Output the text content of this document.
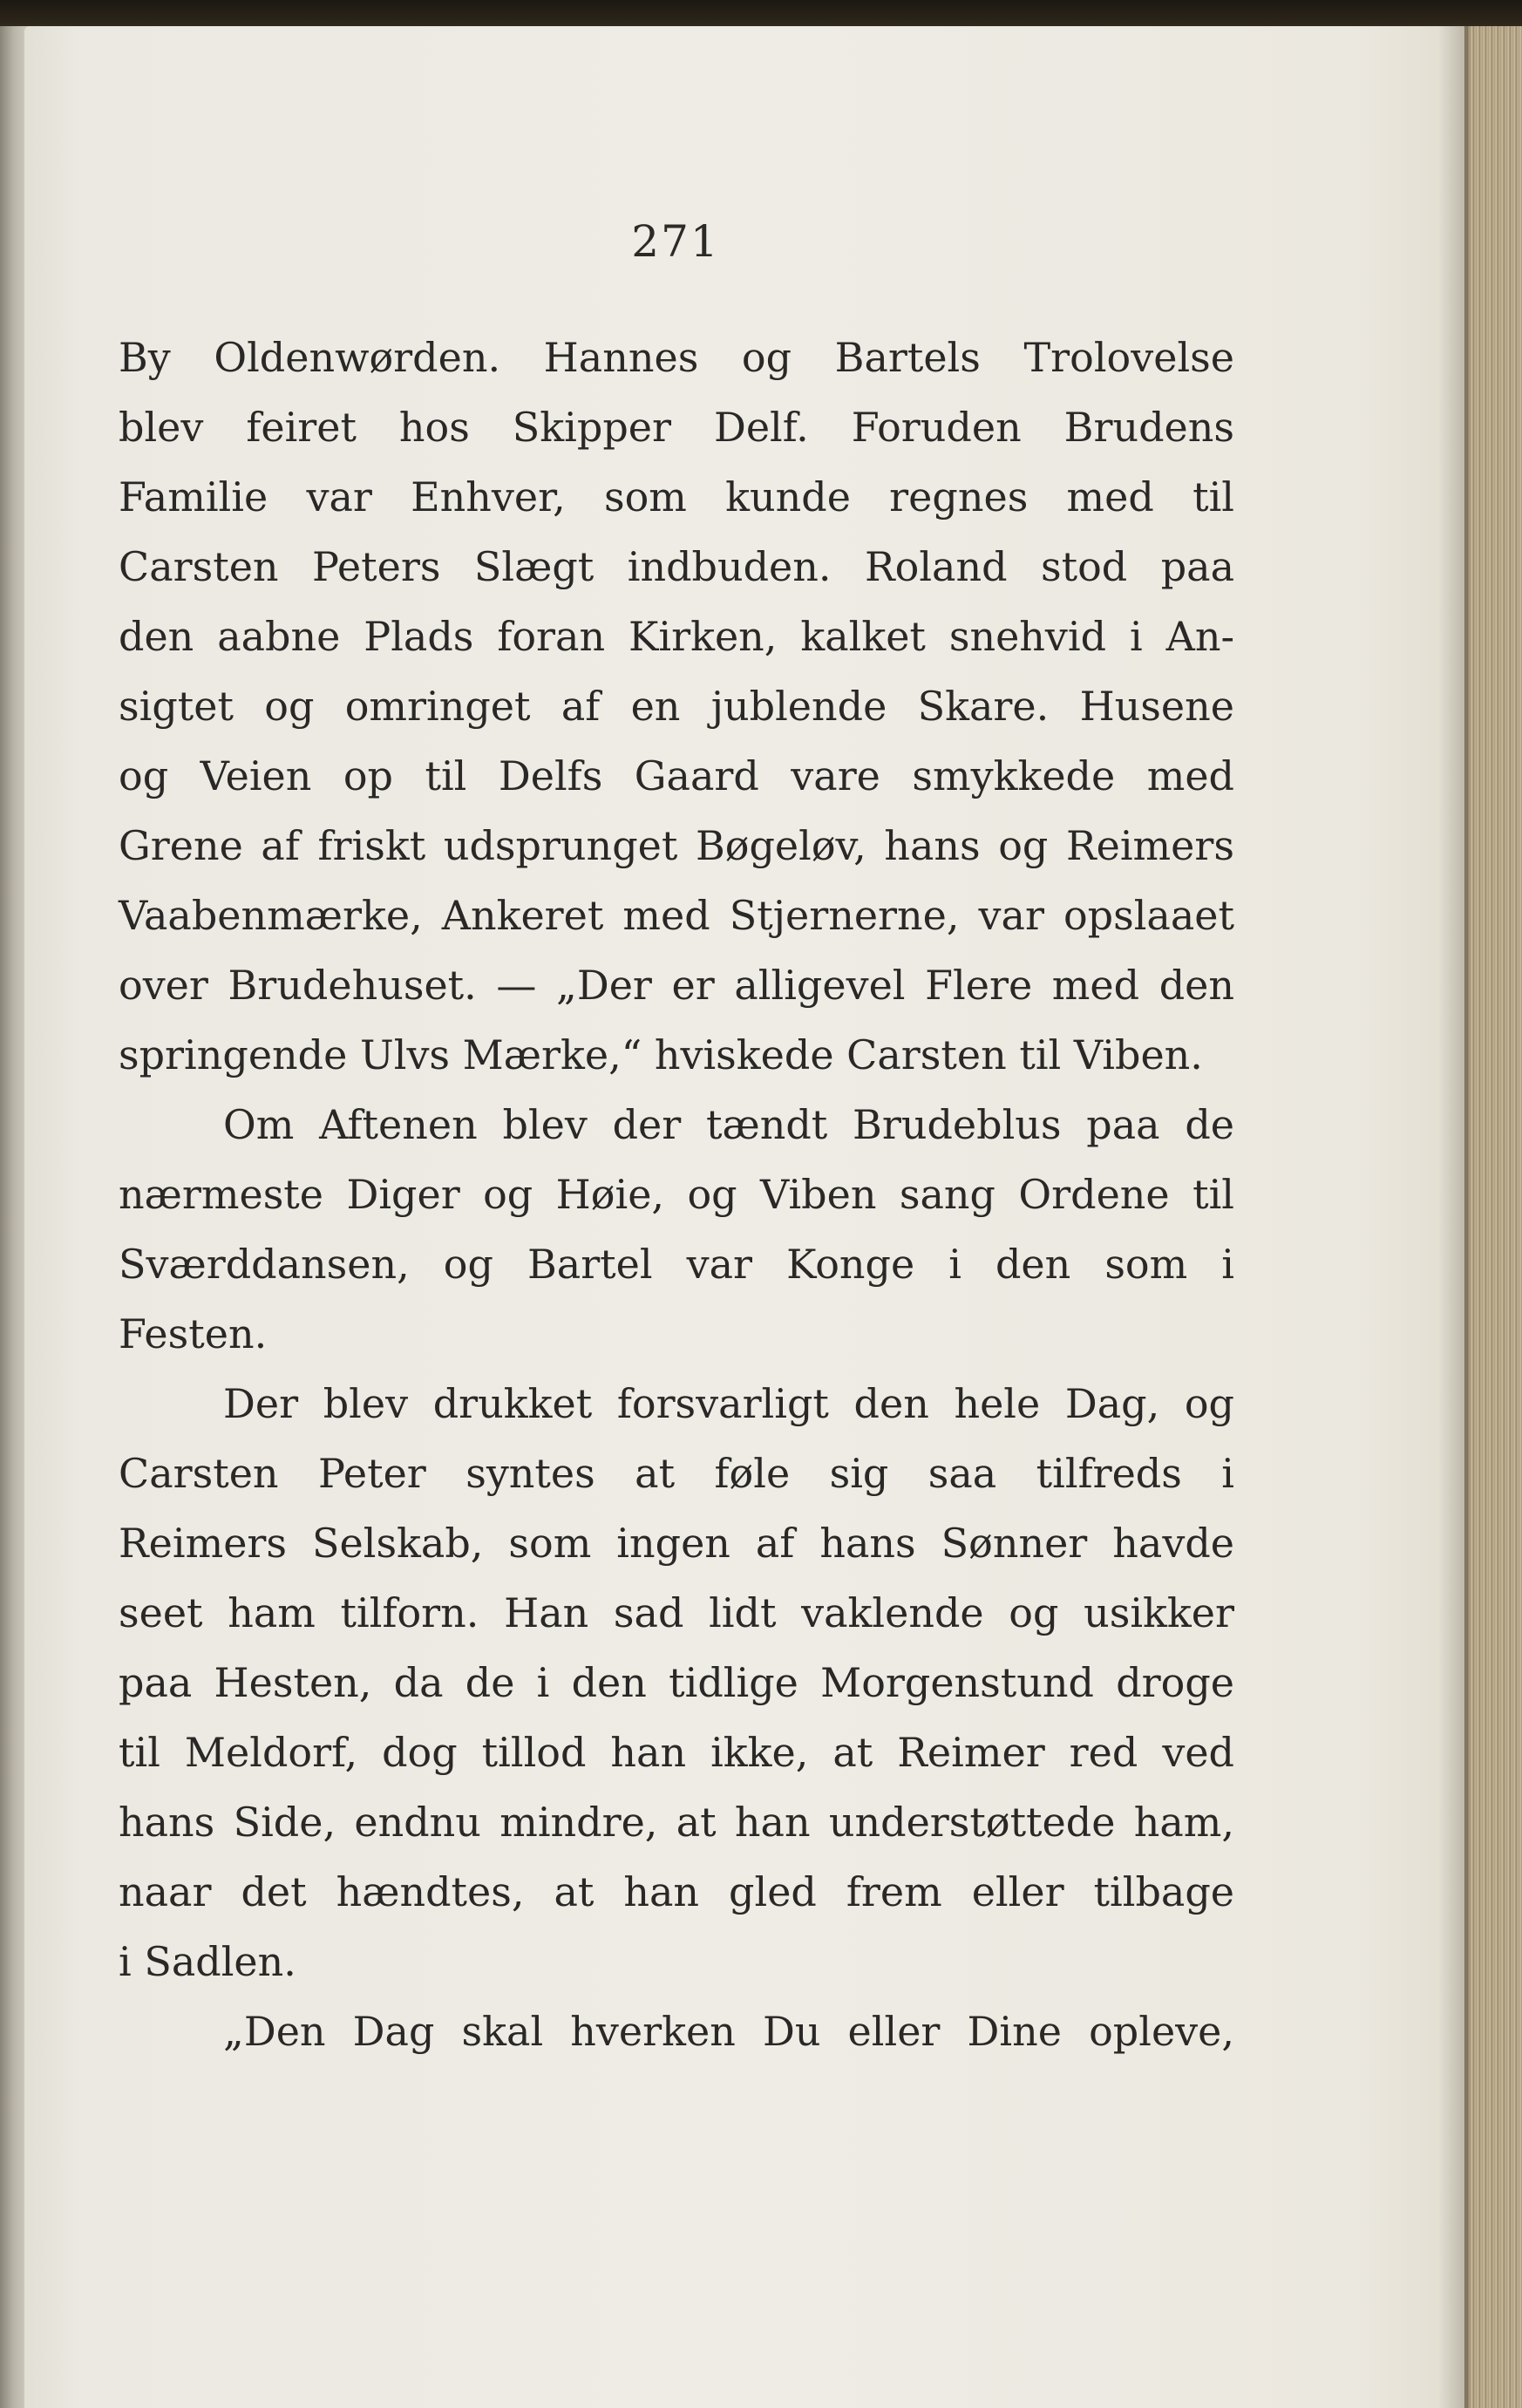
271
By Oldenwørden. Hannes og Bartels Trolovelse
blev feiret hos Skipper Delf. Foruden Brudens
Familie var Enhver, som kunde regnes med til
Carsten Peters Slægt indbuden. Roland stod paa
den aabne Plads foran Kirken, kalket snehvid i An-
sigtet og omringet af en jublende Skare. Husene
og Veien op til Delfs Gaard vare smykkede med
Grene af friskt udsprunget Bøgeløv, hans og Reimers
Vaabenmærke, Ankeret med Stjernerne, var opslaaet
over Brudehuset. — „Der er alligevel Flere med den
springende Ulvs Mærke,“ hviskede Carsten til Viben.
Om Aftenen blev der tændt Brudeblus paa de
nærmeste Diger og Høie, og Viben sang Ordene til
Sværddansen, og Bartel var Konge i den som i
Festen.
Der blev drukket forsvarligt den hele Dag, og
Carsten Peter syntes at føle sig saa tilfreds i
Reimers Selskab, som ingen af hans Sønner havde
seet ham tilforn. Han sad lidt vaklende og usikker
paa Hesten, da de i den tidlige Morgenstund droge
til Meldorf, dog tillod han ikke, at Reimer red ved
hans Side, endnu mindre, at han understøttede ham,
naar det hændtes, at han gled frem eller tilbage
i Sadlen.
„Den Dag skal hverken Du eller Dine opleve,
